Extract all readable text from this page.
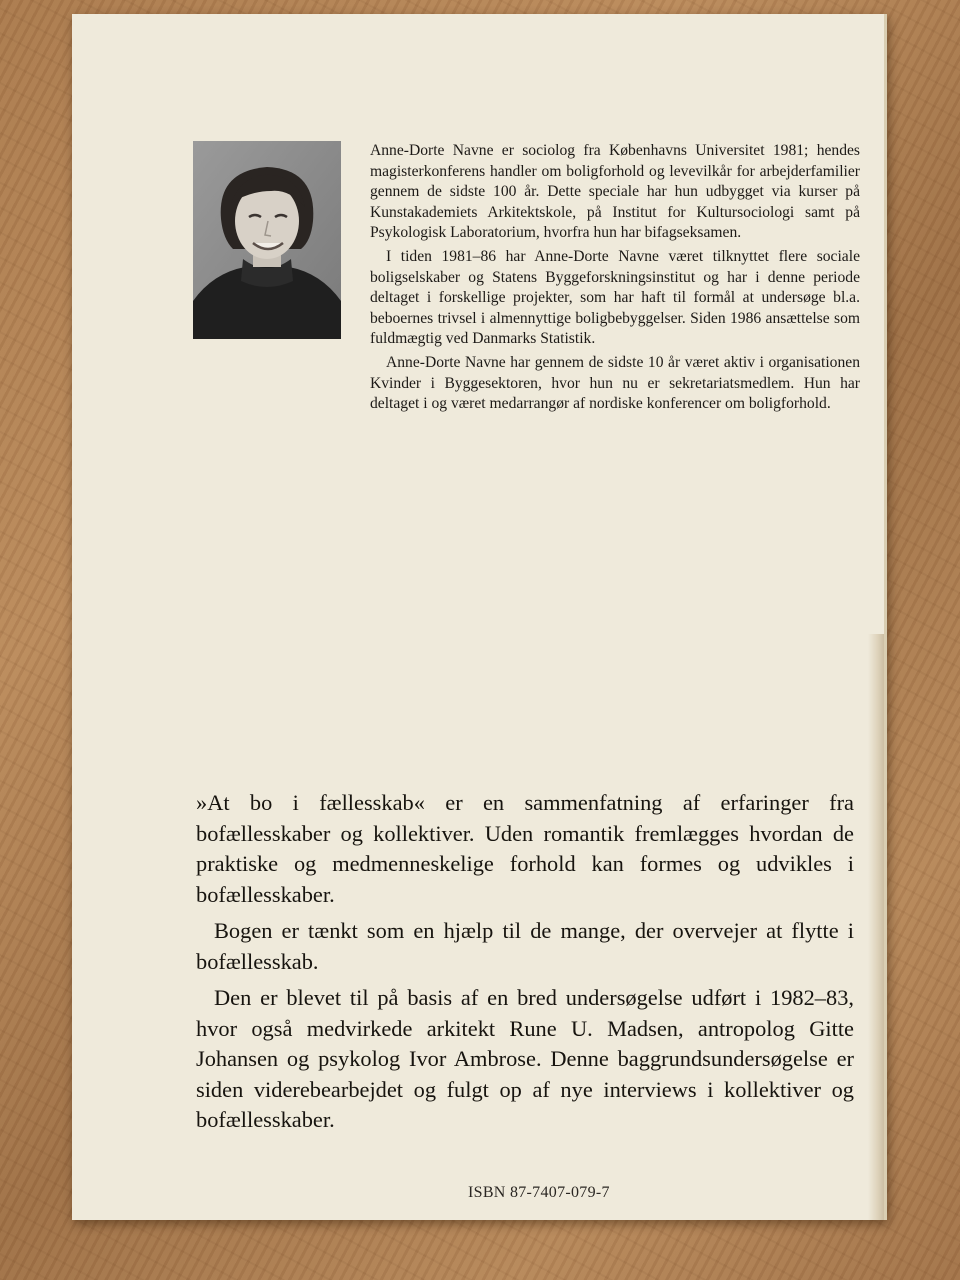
Anne-Dorte Navne er sociolog fra Københavns Universitet 1981; hendes magisterkonferens handler om boligforhold og levevilkår for arbejderfamilier gennem de sidste 100 år. Dette speciale har hun udbygget via kurser på Kunstakademiets Arkitektskole, på Institut for Kultursociologi samt på Psykologisk Laboratorium, hvorfra hun har bifagseksamen.

I tiden 1981–86 har Anne-Dorte Navne været tilknyttet flere sociale boligselskaber og Statens Byggeforskningsinstitut og har i denne periode deltaget i forskellige projekter, som har haft til formål at undersøge bl.a. beboernes trivsel i almennyttige boligbebyggelser. Siden 1986 ansættelse som fuldmægtig ved Danmarks Statistik.

Anne-Dorte Navne har gennem de sidste 10 år været aktiv i organisationen Kvinder i Byggesektoren, hvor hun nu er sekretariatsmedlem. Hun har deltaget i og været medarrangør af nordiske konferencer om boligforhold.

»At bo i fællesskab« er en sammenfatning af erfaringer fra bofællesskaber og kollektiver. Uden romantik fremlægges hvordan de praktiske og medmenneskelige forhold kan formes og udvikles i bofællesskaber.

Bogen er tænkt som en hjælp til de mange, der overvejer at flytte i bofællesskab.

Den er blevet til på basis af en bred undersøgelse udført i 1982–83, hvor også medvirkede arkitekt Rune U. Madsen, antropolog Gitte Johansen og psykolog Ivor Ambrose. Denne baggrundsundersøgelse er siden viderebearbejdet og fulgt op af nye interviews i kollektiver og bofællesskaber.

ISBN 87-7407-079-7
